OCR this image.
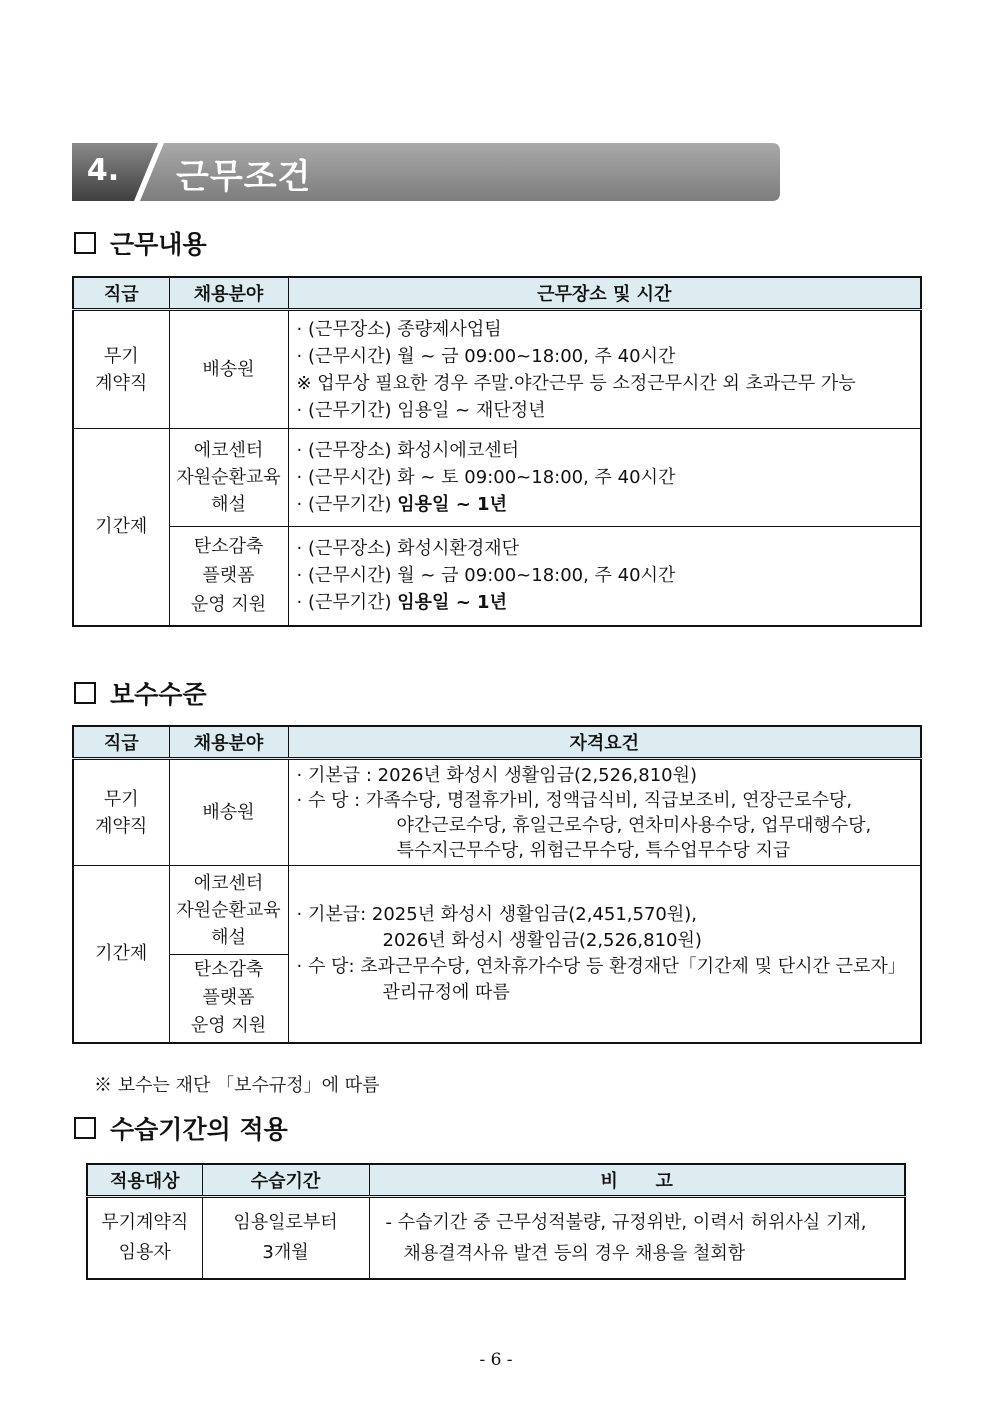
4. 근무조건
근무내용
직급	채용분야	근무장소 및 시간
무기
계약직	배송원	· (근무장소) 종량제사업팀
· (근무시간) 월 ~ 금 09:00~18:00, 주 40시간
※ 업무상 필요한 경우 주말.야간근무 등 소정근무시간 외 초과근무 가능
· (근무기간) 임용일 ~ 재단정년

기간제	에코센터
자원순환교육
해설	· (근무장소) 화성시에코센터
· (근무시간) 화 ~ 토 09:00~18:00, 주 40시간
· (근무기간) 임용일 ~ 1년

	탄소감축
플랫폼
운영 지원	· (근무장소) 화성시환경재단
· (근무시간) 월 ~ 금 09:00~18:00, 주 40시간
· (근무기간) 임용일 ~ 1년
보수수준
직급	채용분야	자격요건
무기
계약직	배송원	· 기본급 : 2026년 화성시 생활임금(2,526,810원)
· 수 당 : 가족수당, 명절휴가비, 정액급식비, 직급보조비, 연장근로수당,
야간근로수당, 휴일근로수당, 연차미사용수당, 업무대행수당,
특수지근무수당, 위험근무수당, 특수업무수당 지급

기간제	에코센터
자원순환교육
해설	· 기본급: 2025년 화성시 생활임금(2,451,570원),
2026년 화성시 생활임금(2,526,810원)
· 수 당: 초과근무수당, 연차휴가수당 등 환경재단「기간제 및 단시간 근로자」
관리규정에 따름

	탄소감축
플랫폼
운영 지원	
※ 보수는 재단 「보수규정」에 따름
수습기간의 적용
적용대상	수습기간	비      고
무기계약직
임용자	임용일로부터
3개월	- 수습기간 중 근무성적불량, 규정위반, 이력서 허위사실 기재,
채용결격사유 발견 등의 경우 채용을 철회함
- 6 -
